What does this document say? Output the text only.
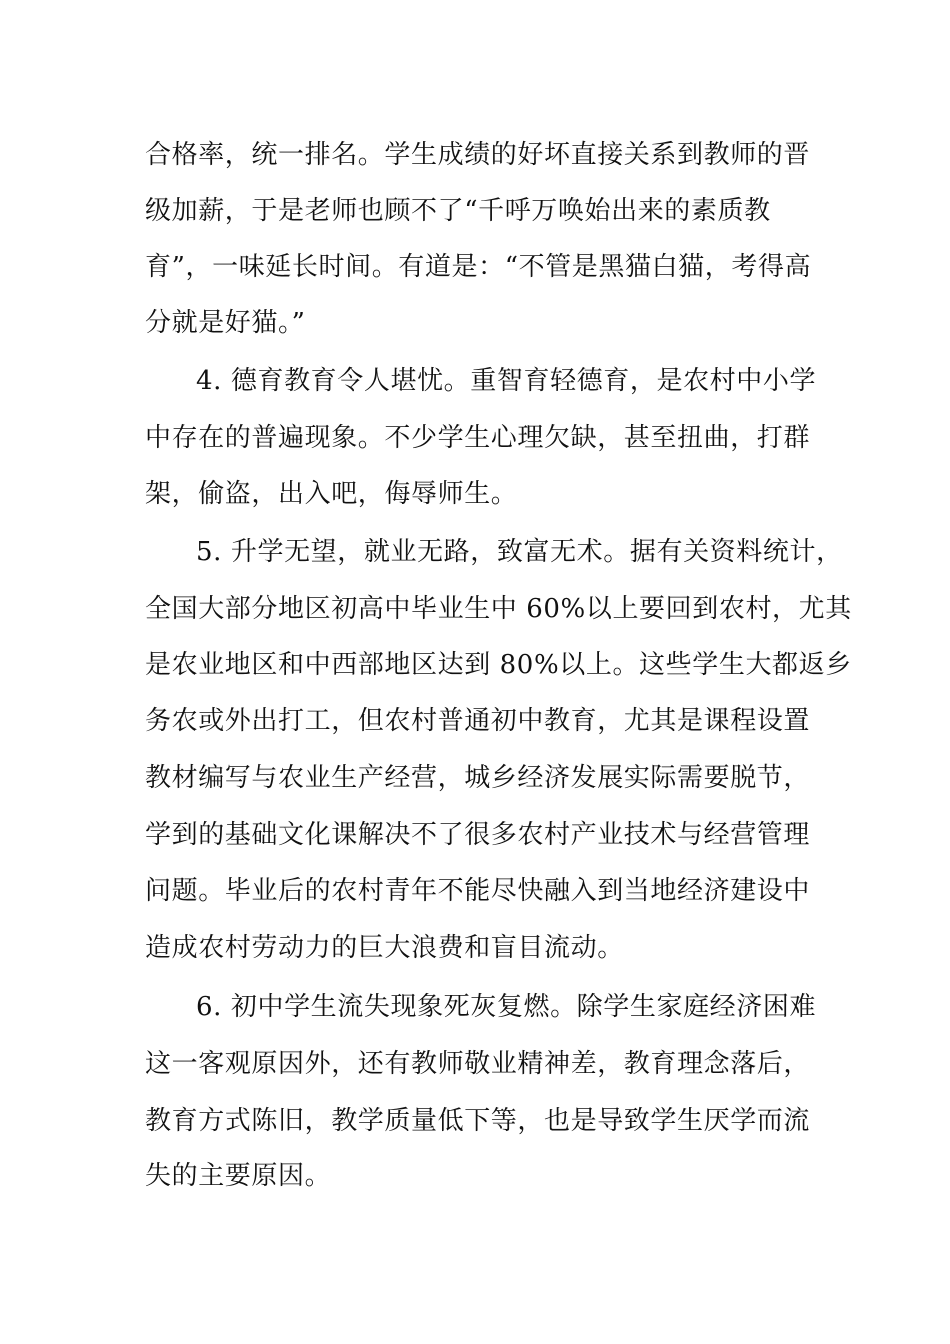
合格率，统一排名。学生成绩的好坏直接关系到教师的晋
级加薪，于是老师也顾不了“千呼万唤始出来的素质教
育”，一味延长时间。有道是：“不管是黑猫白猫，考得高
分就是好猫。”
4. 德育教育令人堪忧。重智育轻德育，是农村中小学
中存在的普遍现象。不少学生心理欠缺，甚至扭曲，打群
架，偷盗，出入吧，侮辱师生。
5. 升学无望，就业无路，致富无术。据有关资料统计，
全国大部分地区初高中毕业生中 60%以上要回到农村，尤其
是农业地区和中西部地区达到 80%以上。这些学生大都返乡
务农或外出打工，但农村普通初中教育，尤其是课程设置
教材编写与农业生产经营，城乡经济发展实际需要脱节，
学到的基础文化课解决不了很多农村产业技术与经营管理
问题。毕业后的农村青年不能尽快融入到当地经济建设中
造成农村劳动力的巨大浪费和盲目流动。
6. 初中学生流失现象死灰复燃。除学生家庭经济困难
这一客观原因外，还有教师敬业精神差，教育理念落后，
教育方式陈旧，教学质量低下等，也是导致学生厌学而流
失的主要原因。
